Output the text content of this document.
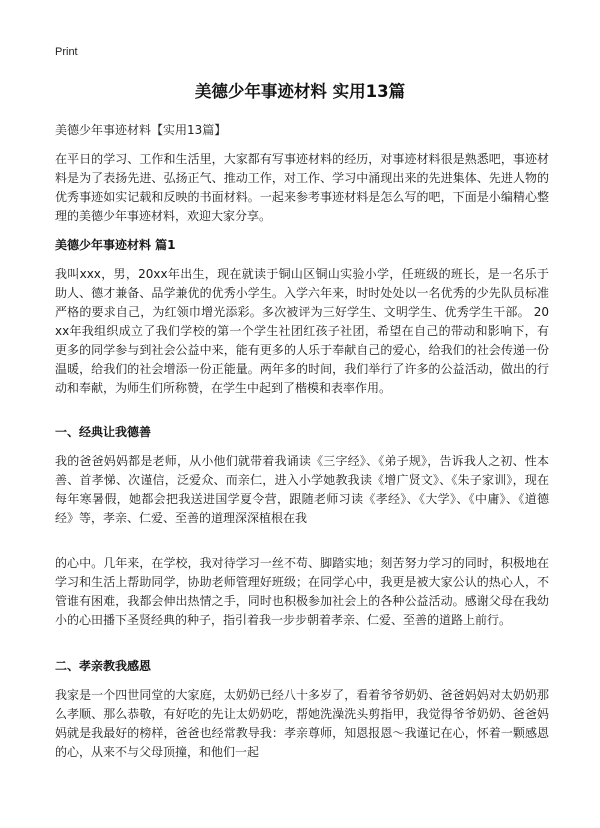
Print
美德少年事迹材料 实用13篇
美德少年事迹材料【实用13篇】

在平日的学习、工作和生活里，大家都有写事迹材料的经历，对事迹材料很是熟悉吧，事迹材料是为了表扬先进、弘扬正气、推动工作，对工作、学习中涌现出来的先进集体、先进人物的优秀事迹如实记载和反映的书面材料。一起来参考事迹材料是怎么写的吧，下面是小编精心整理的美德少年事迹材料，欢迎大家分享。

美德少年事迹材料 篇1

我叫xxx，男，20xx年出生，现在就读于铜山区铜山实验小学，任班级的班长，是一名乐于助人、德才兼备、品学兼优的优秀小学生。入学六年来，时时处处以一名优秀的少先队员标准严格的要求自己，为红领巾增光添彩。多次被评为三好学生、文明学生、优秀学生干部。 20xx年我组织成立了我们学校的第一个学生社团红孩子社团，希望在自己的带动和影响下，有更多的同学参与到社会公益中来，能有更多的人乐于奉献自己的爱心，给我们的社会传递一份温暖，给我们的社会增添一份正能量。两年多的时间，我们举行了许多的公益活动，做出的行动和奉献，为师生们所称赞，在学生中起到了楷模和表率作用。

一、经典让我德善

我的爸爸妈妈都是老师，从小他们就带着我诵读《三字经》、《弟子规》，告诉我人之初、性本善、首孝悌、次谨信，泛爱众、而亲仁，进入小学她教我读《增广贤文》、《朱子家训》，现在每年寒暑假，她都会把我送进国学夏令营，跟随老师习读《孝经》、《大学》、《中庸》、《道德经》等，孝亲、仁爱、至善的道理深深植根在我

的心中。几年来，在学校，我对待学习一丝不苟、脚踏实地；刻苦努力学习的同时，积极地在学习和生活上帮助同学，协助老师管理好班级；在同学心中，我更是被大家公认的热心人，不管谁有困难，我都会伸出热情之手，同时也积极参加社会上的各种公益活动。感谢父母在我幼小的心田播下圣贤经典的种子，指引着我一步步朝着孝亲、仁爱、至善的道路上前行。

二、孝亲教我感恩

我家是一个四世同堂的大家庭，太奶奶已经八十多岁了，看着爷爷奶奶、爸爸妈妈对太奶奶那么孝顺、那么恭敬，有好吃的先让太奶奶吃，帮她洗澡洗头剪指甲，我觉得爷爷奶奶、爸爸妈妈就是我最好的榜样，爸爸也经常教导我：孝亲尊师，知恩报恩～我谨记在心，怀着一颗感恩的心，从来不与父母顶撞，和他们一起
